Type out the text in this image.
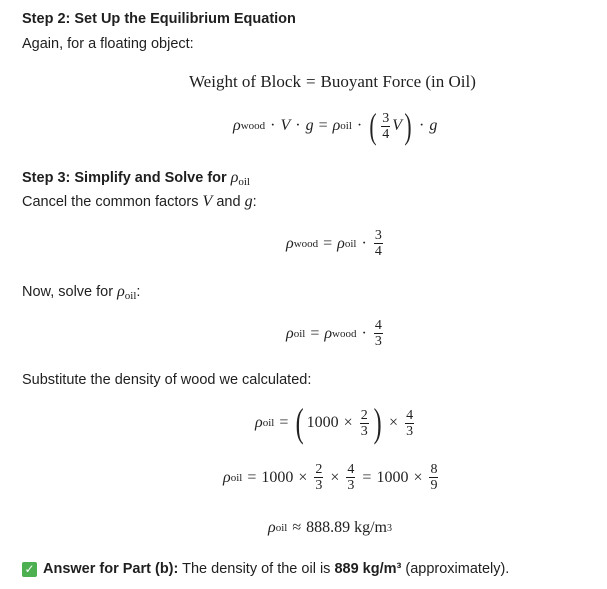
Step 2: Set Up the Equilibrium Equation
Again, for a floating object:
Weight of Block = Buoyant Force (in Oil)
ρ wood · V · g = ρ oil · ( $\frac{3}{4}$ V ) · g
Step 3: Simplify and Solve for $\rho_{oil}$
Cancel the common factors V and g:
ρ wood = ρ oil · $\frac{3}{4}$
Now, solve for $\rho_{oil}$:
ρ oil = ρ wood · $\frac{4}{3}$
Substitute the density of wood we calculated:
ρ oil = ( $1000 \times \frac{2}{3}$ ) × $\frac{4}{3}$
ρ oil = $1000 \times \frac{2}{3} \times \frac{4}{3} = 1000 \times \frac{8}{9}$
ρ oil ≈ 888.89 kg/m 3
✓ Answer for Part (b): The density of the oil is 889 kg/m³ (approximately).
